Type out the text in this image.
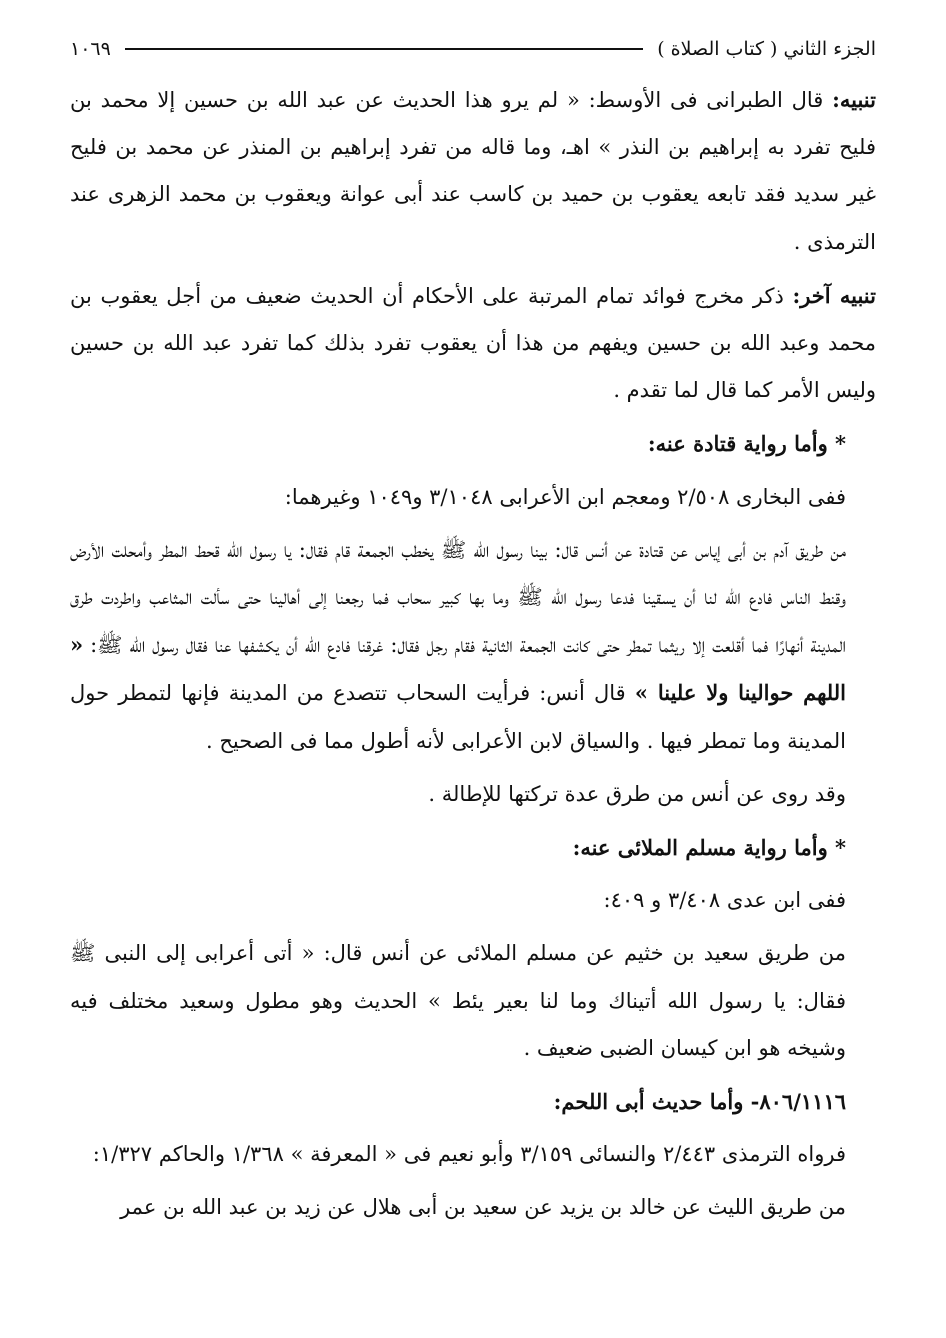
الجزء الثاني ( كتاب الصلاة )
١٠٦٩

تنبيه: قال الطبرانى فى الأوسط: « لم يرو هذا الحديث عن عبد الله بن حسين إلا محمد بن فليح تفرد به إبراهيم بن النذر » اهـ، وما قاله من تفرد إبراهيم بن المنذر عن محمد بن فليح غير سديد فقد تابعه يعقوب بن حميد بن كاسب عند أبى عوانة ويعقوب بن محمد الزهرى عند الترمذى .

تنبيه آخر: ذكر مخرج فوائد تمام المرتبة على الأحكام أن الحديث ضعيف من أجل يعقوب بن محمد وعبد الله بن حسين ويفهم من هذا أن يعقوب تفرد بذلك كما تفرد عبد الله بن حسين وليس الأمر كما قال لما تقدم .

* وأما رواية قتادة عنه:

ففى البخارى ٢/٥٠٨ ومعجم ابن الأعرابى ٣/١٠٤٨ و١٠٤٩ وغيرهما:

من طريق آدم بن أبى إياس عن قتادة عن أنس قال: بينا رسول الله ﷺ يخطب الجمعة قام فقال: يا رسول الله قحط المطر وأمحلت الأرض وقنط الناس فادع الله لنا أن يسقينا فدعا رسول الله ﷺ وما بها كبير سحاب فما رجعنا إلى أهالينا حتى سألت المثاعب واطردت طرق المدينة أنهارًا فما أقلعت إلا ريثما تمطر حتى كانت الجمعة الثانية فقام رجل فقال: غرقنا فادع الله أن يكشفها عنا فقال رسول الله ﷺ: « اللهم حوالينا ولا علينا » قال أنس: فرأيت السحاب تتصدع من المدينة فإنها لتمطر حول المدينة وما تمطر فيها . والسياق لابن الأعرابى لأنه أطول مما فى الصحيح .

وقد روى عن أنس من طرق عدة تركتها للإطالة .

* وأما رواية مسلم الملائى عنه:

ففى ابن عدى ٣/٤٠٨ و ٤٠٩:

من طريق سعيد بن خثيم عن مسلم الملائى عن أنس قال: « أتى أعرابى إلى النبى ﷺ فقال: يا رسول الله أتيناك وما لنا بعير يئط » الحديث وهو مطول وسعيد مختلف فيه وشيخه هو ابن كيسان الضبى ضعيف .

٨٠٦/١١١٦- وأما حديث أبى اللحم:

فرواه الترمذى ٢/٤٤٣ والنسائى ٣/١٥٩ وأبو نعيم فى « المعرفة » ١/٣٦٨ والحاكم ١/٣٢٧:

من طريق الليث عن خالد بن يزيد عن سعيد بن أبى هلال عن زيد بن عبد الله بن عمر
